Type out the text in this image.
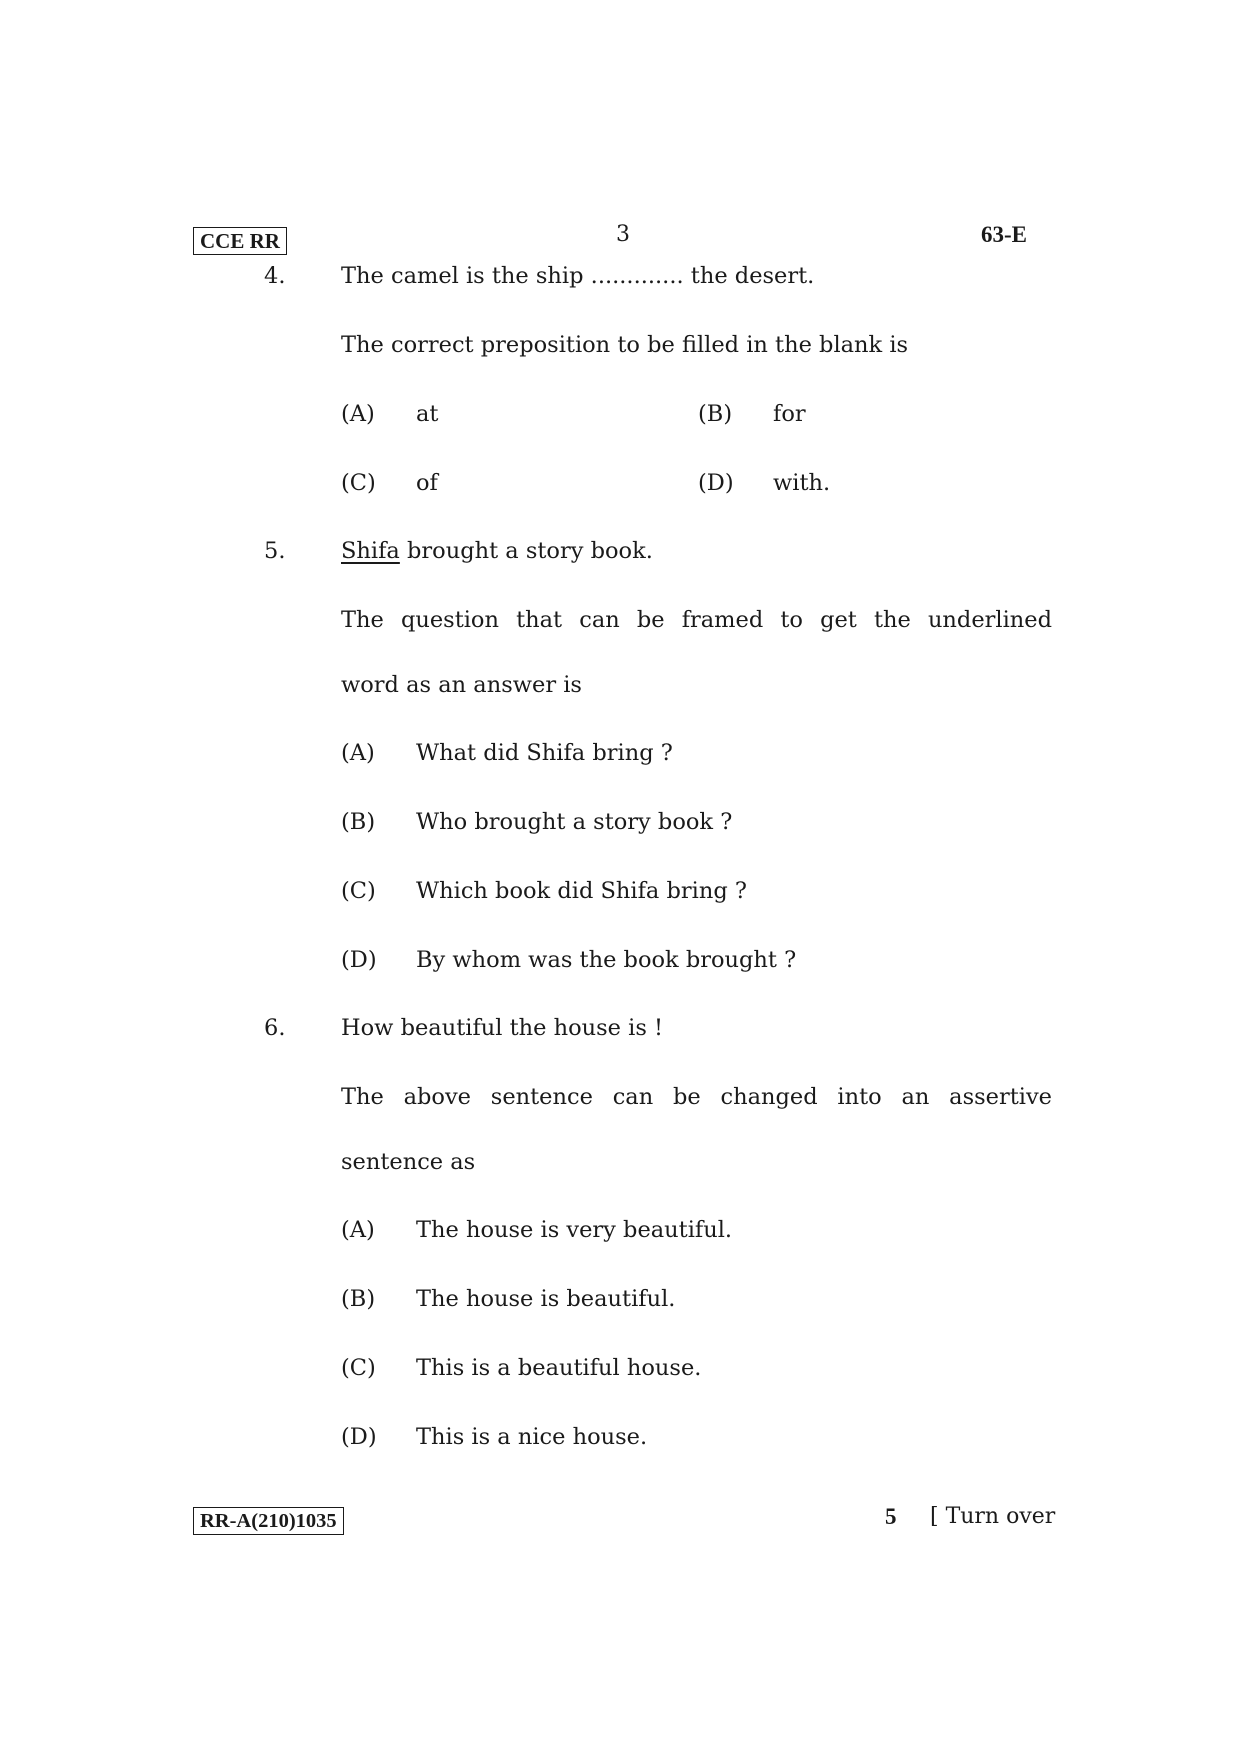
CCE RR	3	63-E
4. The camel is the ship ............. the desert.
The correct preposition to be filled in the blank is
(A) at	(B) for
(C) of	(D) with.
5. Shifa brought a story book.
The question that can be framed to get the underlined
word as an answer is
(A) What did Shifa bring ?
(B) Who brought a story book ?
(C) Which book did Shifa bring ?
(D) By whom was the book brought ?
6. How beautiful the house is !
The above sentence can be changed into an assertive
sentence as
(A) The house is very beautiful.
(B) The house is beautiful.
(C) This is a beautiful house.
(D) This is a nice house.
RR-A(210)1035	5 [ Turn over
